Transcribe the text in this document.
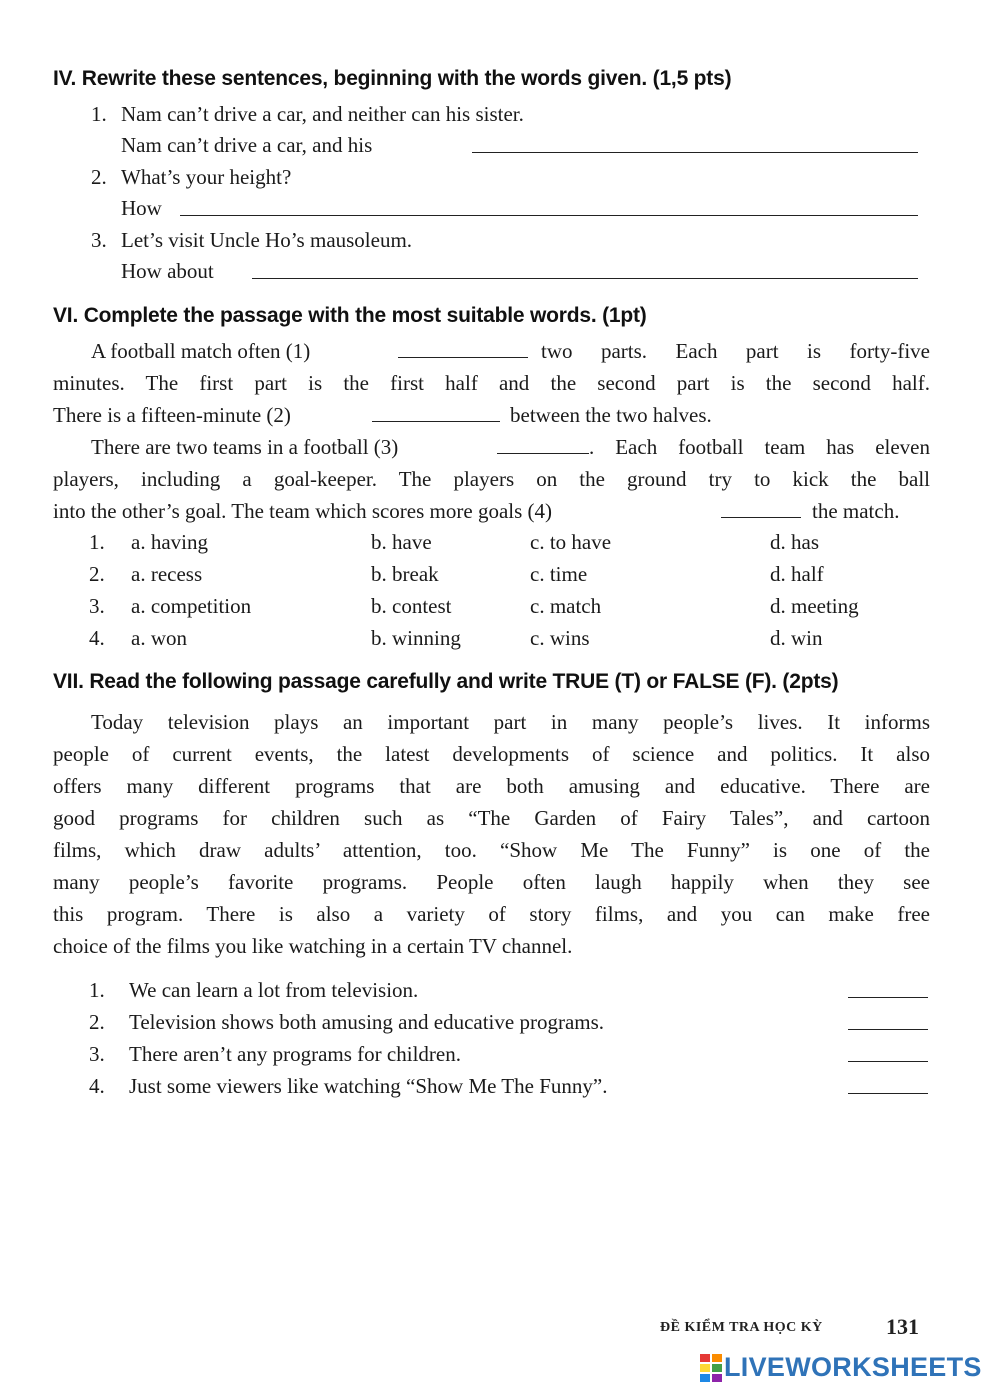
IV. Rewrite these sentences, beginning with the words given. (1,5 pts)
1. Nam can’t drive a car, and neither can his sister.
Nam can’t drive a car, and his
2. What’s your height?
How
3. Let’s visit Uncle Ho’s mausoleum.
How about
VI. Complete the passage with the most suitable words. (1pt)
A football match often (1)	two parts. Each part is forty-five
minutes. The first part is the first half and the second part is the second half.
There is a fifteen-minute (2)	between the two halves.
There are two teams in a football (3)	. Each football team has eleven
players, including a goal-keeper. The players on the ground try to kick the ball
into the other’s goal. The team which scores more goals (4)	the match.
1. a. having	b. have	c. to have	d. has
2. a. recess	b. break	c. time	d. half
3. a. competition	b. contest	c. match	d. meeting
4. a. won	b. winning	c. wins	d. win
VII. Read the following passage carefully and write TRUE (T) or FALSE (F). (2pts)
Today television plays an important part in many people’s lives. It informs
people of current events, the latest developments of science and politics. It also
offers many different programs that are both amusing and educative. There are
good programs for children such as “The Garden of Fairy Tales”, and cartoon
films, which draw adults’ attention, too. “Show Me The Funny” is one of the
many people’s favorite programs. People often laugh happily when they see
this program. There is also a variety of story films, and you can make free
choice of the films you like watching in a certain TV channel.
1. We can learn a lot from television.
2. Television shows both amusing and educative programs.
3. There aren’t any programs for children.
4. Just some viewers like watching “Show Me The Funny”.
ĐỀ KIỂM TRA HỌC KỲ	131
LIVEWORKSHEETS
